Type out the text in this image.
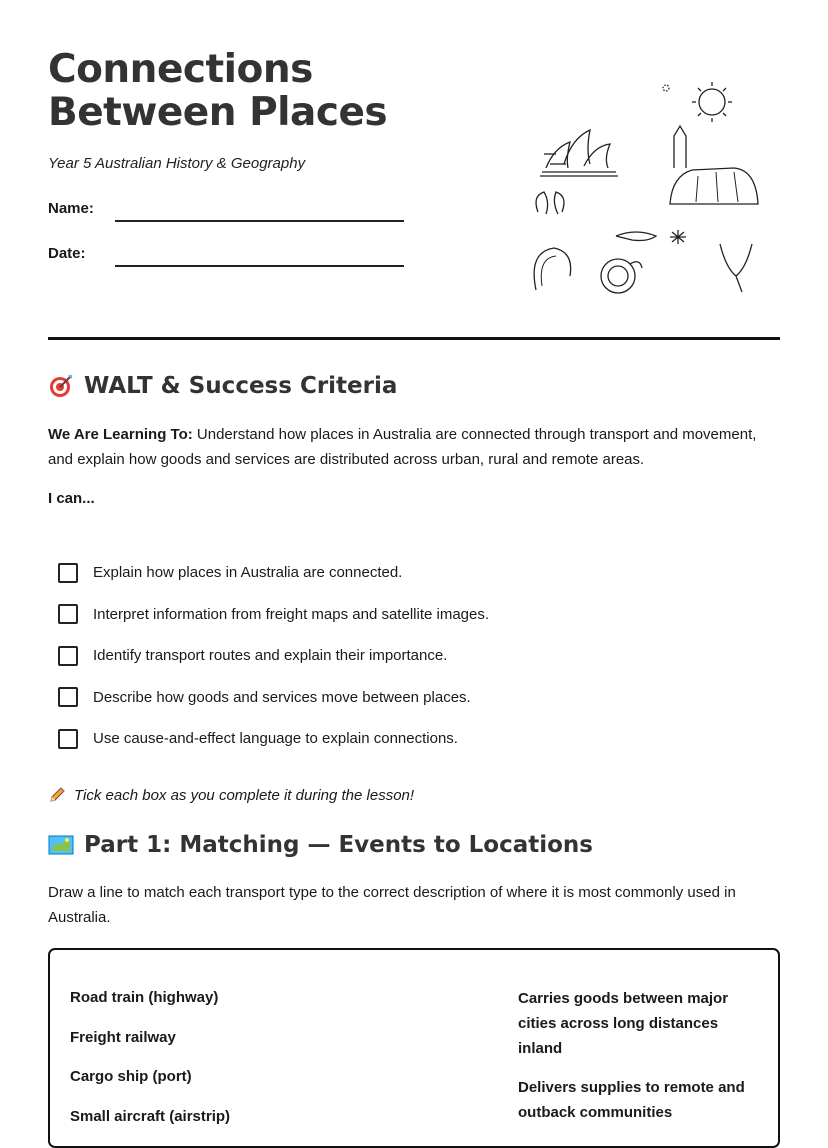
Connections Between Places
Year 5 Australian History & Geography
Name:
Date:
WALT & Success Criteria
We Are Learning To: Understand how places in Australia are connected through transport and movement, and explain how goods and services are distributed across urban, rural and remote areas.
I can...
Explain how places in Australia are connected.
Interpret information from freight maps and satellite images.
Identify transport routes and explain their importance.
Describe how goods and services move between places.
Use cause-and-effect language to explain connections.
Tick each box as you complete it during the lesson!
Part 1: Matching — Events to Locations
Draw a line to match each transport type to the correct description of where it is most commonly used in Australia.
Road train (highway)
Freight railway
Cargo ship (port)
Small aircraft (airstrip)
Carries goods between major cities across long distances inland
Delivers supplies to remote and outback communities
